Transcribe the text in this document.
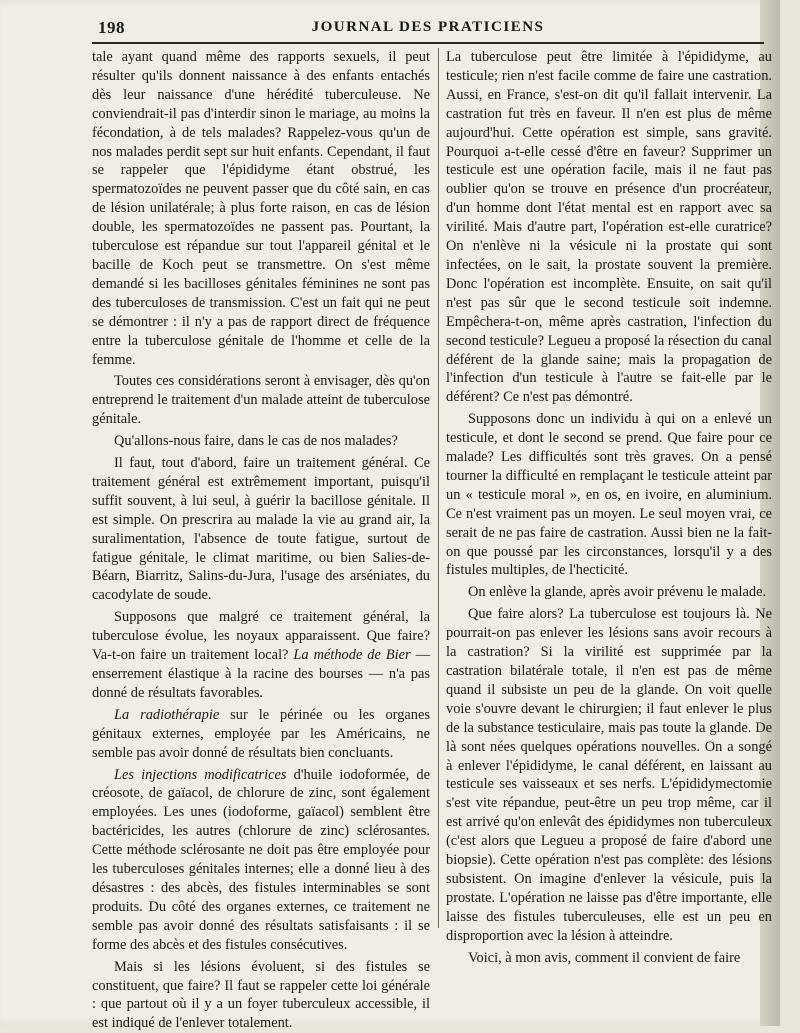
198	JOURNAL DES PRATICIENS

tale ayant quand même des rapports sexuels, il peut résulter qu'ils donnent naissance à des enfants entachés dès leur naissance d'une hérédité tuberculeuse. Ne conviendrait-il pas d'interdir sinon le mariage, au moins la fécondation, à de tels malades? Rappelez-vous qu'un de nos malades perdit sept sur huit enfants. Cependant, il faut se rappeler que l'épididyme étant obstrué, les spermatozoïdes ne peuvent passer que du côté sain, en cas de lésion unilatérale; à plus forte raison, en cas de lésion double, les spermatozoïdes ne passent pas. Pourtant, la tuberculose est répandue sur tout l'appareil génital et le bacille de Koch peut se transmettre. On s'est même demandé si les bacilloses génitales féminines ne sont pas des tuberculoses de transmission. C'est un fait qui ne peut se démontrer : il n'y a pas de rapport direct de fréquence entre la tuberculose génitale de l'homme et celle de la femme.

Toutes ces considérations seront à envisager, dès qu'on entreprend le traitement d'un malade atteint de tuberculose génitale.

Qu'allons-nous faire, dans le cas de nos malades?

Il faut, tout d'abord, faire un traitement général. Ce traitement général est extrêmement important, puisqu'il suffit souvent, à lui seul, à guérir la bacillose génitale. Il est simple. On prescrira au malade la vie au grand air, la suralimentation, l'absence de toute fatigue, surtout de fatigue génitale, le climat maritime, ou bien Salies-de-Béarn, Biarritz, Salins-du-Jura, l'usage des arséniates, du cacodylate de soude.

Supposons que malgré ce traitement général, la tuberculose évolue, les noyaux apparaissent. Que faire? Va-t-on faire un traitement local? La méthode de Bier — enserrement élastique à la racine des bourses — n'a pas donné de résultats favorables.

La radiothérapie sur le périnée ou les organes génitaux externes, employée par les Américains, ne semble pas avoir donné de résultats bien concluants.

Les injections modificatrices d'huile iodoformée, de créosote, de gaïacol, de chlorure de zinc, sont également employées. Les unes (iodoforme, gaïacol) semblent être bactéricides, les autres (chlorure de zinc) sclérosantes. Cette méthode sclérosante ne doit pas être employée pour les tuberculoses génitales internes; elle a donné lieu à des désastres : des abcès, des fistules interminables se sont produits. Du côté des organes externes, ce traitement ne semble pas avoir donné des résultats satisfaisants : il se forme des abcès et des fistules consécutives.

Mais si les lésions évoluent, si des fistules se constituent, que faire? Il faut se rappeler cette loi générale : que partout où il y a un foyer tuberculeux accessible, il est indiqué de l'enlever totalement.

La tuberculose peut être limitée à l'épididyme, au testicule; rien n'est facile comme de faire une castration. Aussi, en France, s'est-on dit qu'il fallait intervenir. La castration fut très en faveur. Il n'en est plus de même aujourd'hui. Cette opération est simple, sans gravité. Pourquoi a-t-elle cessé d'être en faveur? Supprimer un testicule est une opération facile, mais il ne faut pas oublier qu'on se trouve en présence d'un procréateur, d'un homme dont l'état mental est en rapport avec sa virilité. Mais d'autre part, l'opération est-elle curatrice? On n'enlève ni la vésicule ni la prostate qui sont infectées, on le sait, la prostate souvent la première. Donc l'opération est incomplète. Ensuite, on sait qu'il n'est pas sûr que le second testicule soit indemne. Empêchera-t-on, même après castration, l'infection du second testicule? Legueu a proposé la résection du canal déférent de la glande saine; mais la propagation de l'infection d'un testicule à l'autre se fait-elle par le déférent? Ce n'est pas démontré.

Supposons donc un individu à qui on a enlevé un testicule, et dont le second se prend. Que faire pour ce malade? Les difficultés sont très graves. On a pensé tourner la difficulté en remplaçant le testicule atteint par un « testicule moral », en os, en ivoire, en aluminium. Ce n'est vraiment pas un moyen. Le seul moyen vrai, ce serait de ne pas faire de castration. Aussi bien ne la fait-on que poussé par les circonstances, lorsqu'il y a des fistules multiples, de l'hecticité.

On enlève la glande, après avoir prévenu le malade.

Que faire alors? La tuberculose est toujours là. Ne pourrait-on pas enlever les lésions sans avoir recours à la castration? Si la virilité est supprimée par la castration bilatérale totale, il n'en est pas de même quand il subsiste un peu de la glande. On voit quelle voie s'ouvre devant le chirurgien; il faut enlever le plus de la substance testiculaire, mais pas toute la glande. De là sont nées quelques opérations nouvelles. On a songé à enlever l'épididyme, le canal déférent, en laissant au testicule ses vaisseaux et ses nerfs. L'épididymectomie s'est vite répandue, peut-être un peu trop même, car il est arrivé qu'on enlevât des épididymes non tuberculeux (c'est alors que Legueu a proposé de faire d'abord une biopsie). Cette opération n'est pas complète: des lésions subsistent. On imagine d'enlever la vésicule, puis la prostate. L'opération ne laisse pas d'être importante, elle laisse des fistules tuberculeuses, elle est un peu en disproportion avec la lésion à atteindre.

Voici, à mon avis, comment il convient de faire
